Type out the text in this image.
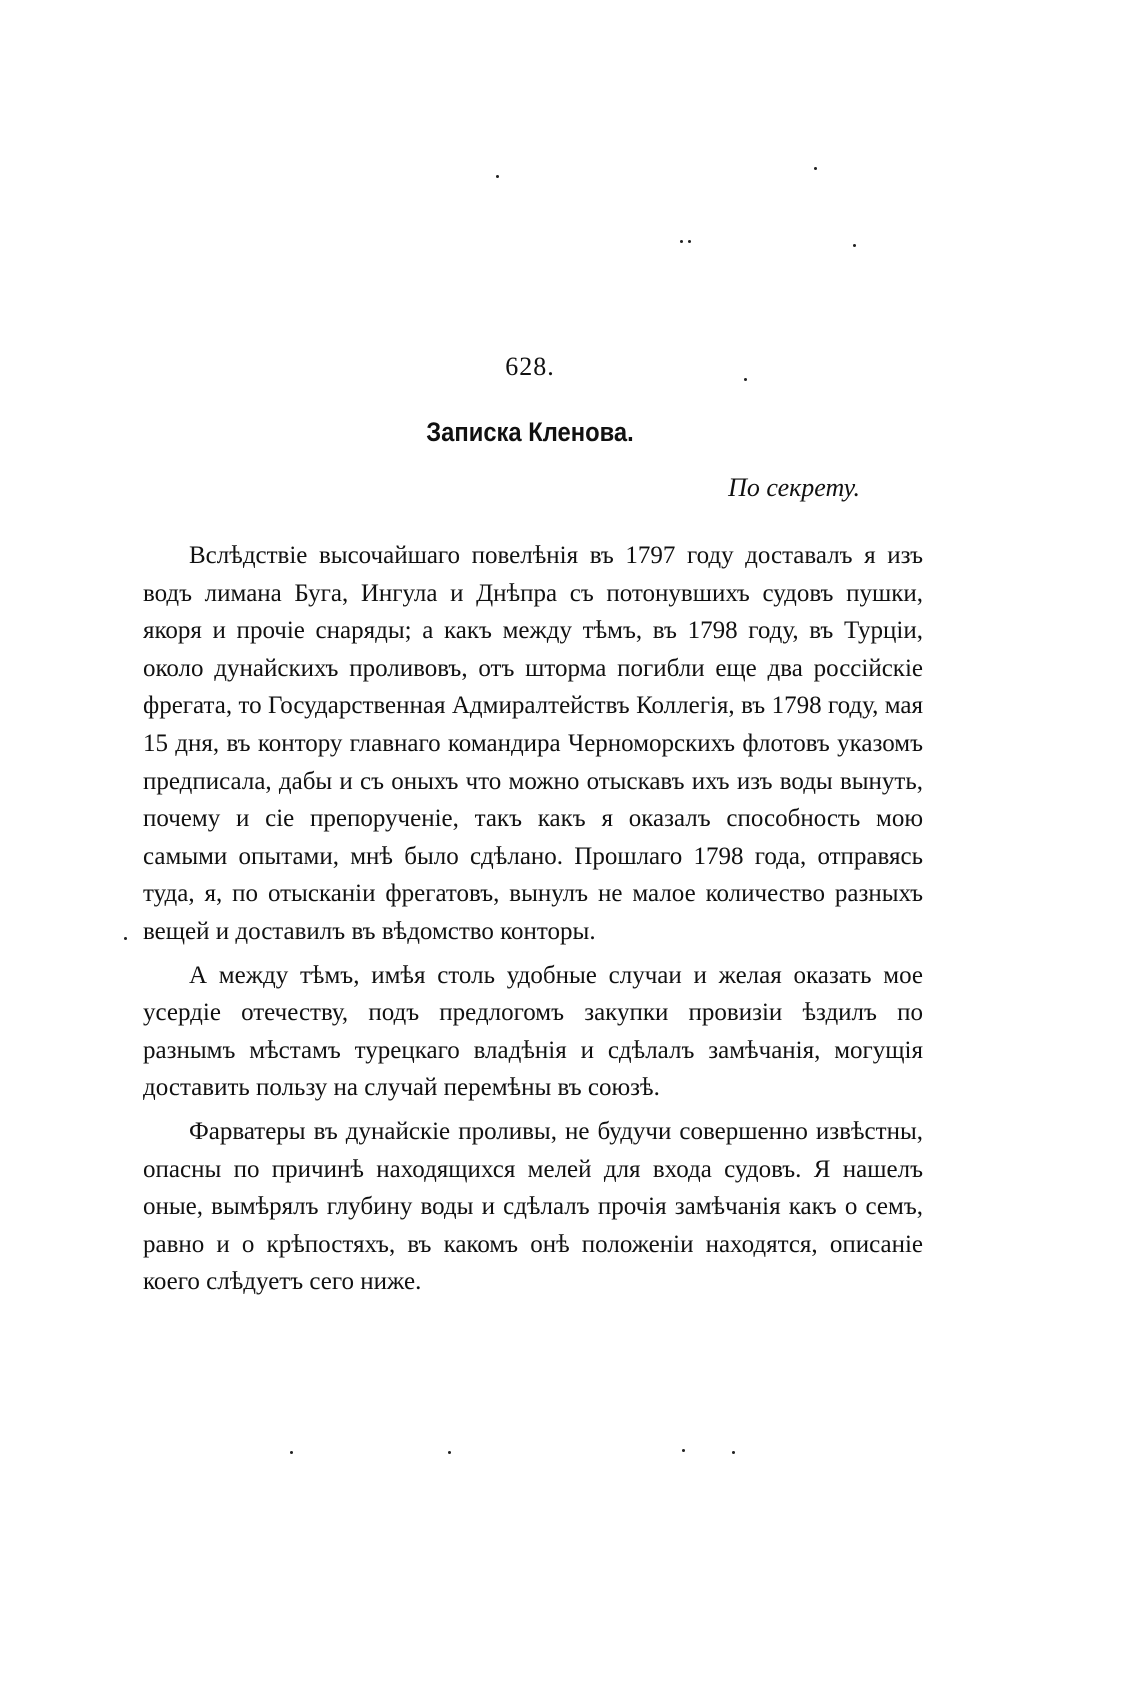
628.
Записка Кленова.
По секрету.

Вслѣдствіе высочайшаго повелѣнія въ 1797 году доставалъ я изъ водъ лимана Буга, Ингула и Днѣпра съ потонувшихъ судовъ пушки, якоря и прочіе снаряды; а какъ между тѣмъ, въ 1798 году, въ Турціи, около дунайскихъ проливовъ, отъ шторма погибли еще два россійскіе фрегата, то Государственная Адмиралтействъ Коллегія, въ 1798 году, мая 15 дня, въ контору главнаго командира Черноморскихъ флотовъ указомъ предписала, дабы и съ оныхъ что можно отыскавъ ихъ изъ воды вынуть, почему и сіе препорученіе, такъ какъ я оказалъ способность мою самыми опытами, мнѣ было сдѣлано. Прошлаго 1798 года, отправясь туда, я, по отысканіи фрегатовъ, вынулъ не малое количество разныхъ вещей и доставилъ въ вѣдомство конторы.

А между тѣмъ, имѣя столь удобные случаи и желая оказать мое усердіе отечеству, подъ предлогомъ закупки провизіи ѣздилъ по разнымъ мѣстамъ турецкаго владѣнія и сдѣлалъ замѣчанія, могущія доставить пользу на случай перемѣны въ союзѣ.

Фарватеры въ дунайскіе проливы, не будучи совершенно извѣстны, опасны по причинѣ находящихся мелей для входа судовъ. Я нашелъ оные, вымѣрялъ глубину воды и сдѣлалъ прочія замѣчанія какъ о семъ, равно и о крѣпостяхъ, въ какомъ онѣ положеніи находятся, описаніе коего слѣдуетъ сего ниже.
